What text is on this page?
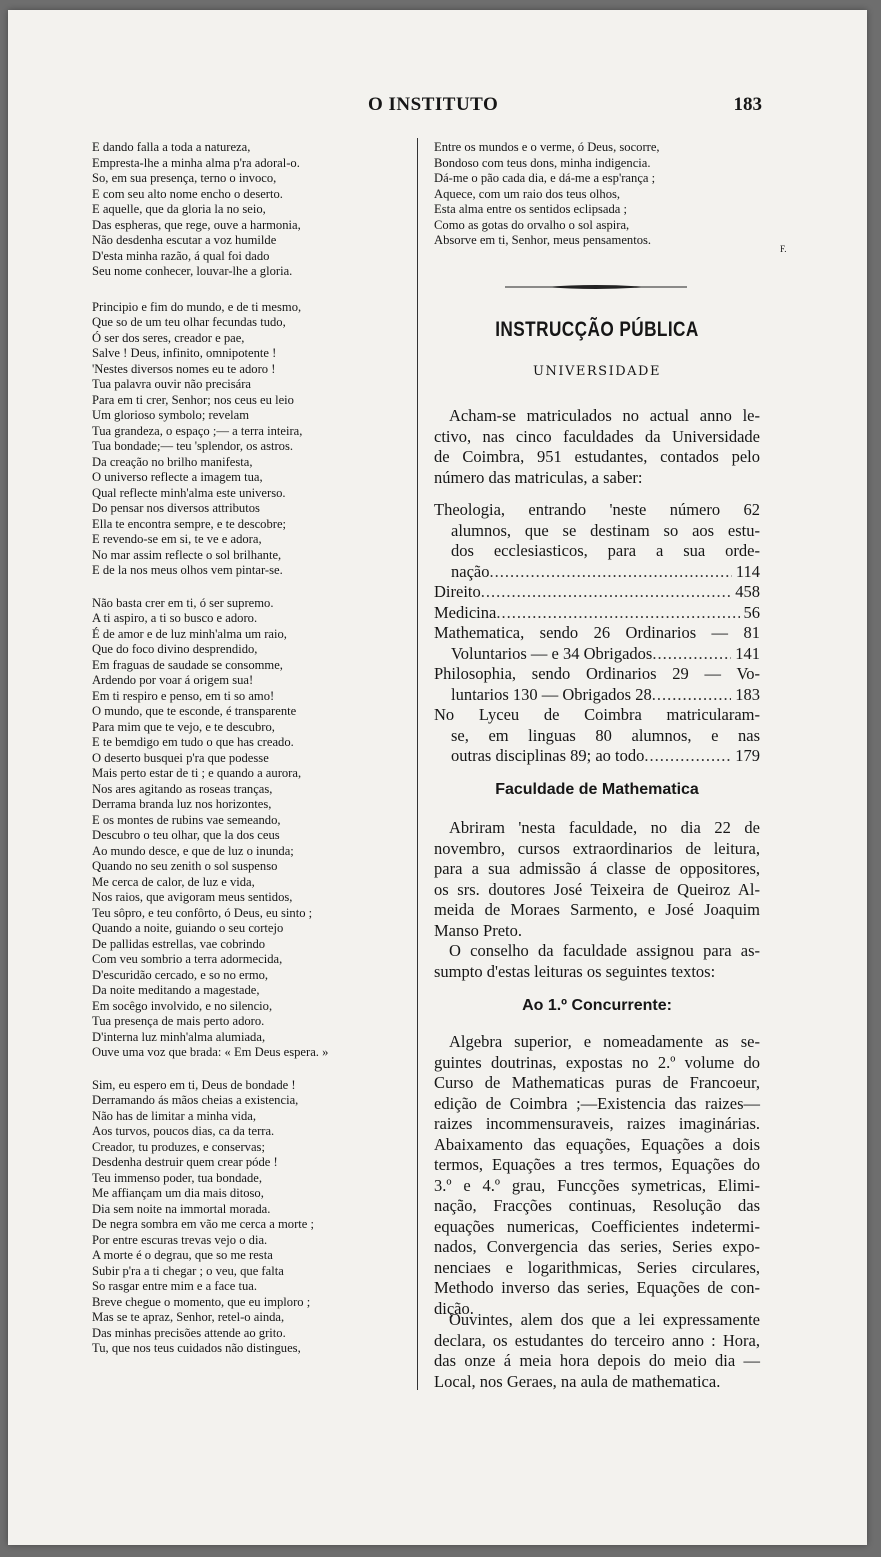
O INSTITUTO	183
E dando falla a toda a natureza,
Empresta-lhe a minha alma p'ra adoral-o.
So, em sua presença, terno o invoco,
E com seu alto nome encho o deserto.
E aquelle, que da gloria la no seio,
Das espheras, que rege, ouve a harmonia,
Não desdenha escutar a voz humilde
D'esta minha razão, á qual foi dado
Seu nome conhecer, louvar-lhe a gloria.
Principio e fim do mundo, e de ti mesmo,
Que so de um teu olhar fecundas tudo,
Ó ser dos seres, creador e pae,
Salve ! Deus, infinito, omnipotente !
'Nestes diversos nomes eu te adoro !
Tua palavra ouvir não precisára
Para em ti crer, Senhor; nos ceus eu leio
Um glorioso symbolo; revelam
Tua grandeza, o espaço ;— a terra inteira,
Tua bondade;— teu 'splendor, os astros.
Da creação no brilho manifesta,
O universo reflecte a imagem tua,
Qual reflecte minh'alma este universo.
Do pensar nos diversos attributos
Ella te encontra sempre, e te descobre;
E revendo-se em si, te ve e adora,
No mar assim reflecte o sol brilhante,
E de la nos meus olhos vem pintar-se.
Não basta crer em ti, ó ser supremo.
A ti aspiro, a ti so busco e adoro.
É de amor e de luz minh'alma um raio,
Que do foco divino desprendido,
Em fraguas de saudade se consomme,
Ardendo por voar á origem sua!
Em ti respiro e penso, em ti so amo!
O mundo, que te esconde, é transparente
Para mim que te vejo, e te descubro,
E te bemdigo em tudo o que has creado.
O deserto busquei p'ra que podesse
Mais perto estar de ti ; e quando a aurora,
Nos ares agitando as roseas tranças,
Derrama branda luz nos horizontes,
E os montes de rubins vae semeando,
Descubro o teu olhar, que la dos ceus
Ao mundo desce, e que de luz o inunda;
Quando no seu zenith o sol suspenso
Me cerca de calor, de luz e vida,
Nos raios, que avigoram meus sentidos,
Teu sôpro, e teu confôrto, ó Deus, eu sinto ;
Quando a noite, guiando o seu cortejo
De pallidas estrellas, vae cobrindo
Com veu sombrio a terra adormecida,
D'escuridão cercado, e so no ermo,
Da noite meditando a magestade,
Em socêgo involvido, e no silencio,
Tua presença de mais perto adoro.
D'interna luz minh'alma alumiada,
Ouve uma voz que brada: « Em Deus espera. »
Sim, eu espero em ti, Deus de bondade !
Derramando ás mãos cheias a existencia,
Não has de limitar a minha vida,
Aos turvos, poucos dias, ca da terra.
Creador, tu produzes, e conservas;
Desdenha destruir quem crear póde !
Teu immenso poder, tua bondade,
Me affiançam um dia mais ditoso,
Dia sem noite na immortal morada.
De negra sombra em vão me cerca a morte ;
Por entre escuras trevas vejo o dia.
A morte é o degrau, que so me resta
Subir p'ra a ti chegar ; o veu, que falta
So rasgar entre mim e a face tua.
Breve chegue o momento, que eu imploro ;
Mas se te apraz, Senhor, retel-o ainda,
Das minhas precisões attende ao grito.
Tu, que nos teus cuidados não distingues,
Entre os mundos e o verme, ó Deus, socorre,
Bondoso com teus dons, minha indigencia.
Dá-me o pão cada dia, e dá-me a esp'rança ;
Aquece, com um raio dos teus olhos,
Esta alma entre os sentidos eclipsada ;
Como as gotas do orvalho o sol aspira,
Absorve em ti, Senhor, meus pensamentos.
F.
INSTRUCÇÃO PÚBLICA
UNIVERSIDADE
Acham-se matriculados no actual anno le-
ctivo, nas cinco faculdades da Universidade
de Coimbra, 951 estudantes, contados pelo
número das matriculas, a saber:
Theologia, entrando 'neste número 62
alumnos, que se destinam so aos estu-
dos ecclesiasticos, para a sua orde-
nação .....	114
Direito .....	458
Medicina .....	56
Mathematica, sendo 26 Ordinarios — 81
Voluntarios — e 34 Obrigados .....	141
Philosophia, sendo Ordinarios 29 — Vo-
luntarios 130 — Obrigados 28 .....	183
No Lyceu de Coimbra matricularam-
se, em linguas 80 alumnos, e nas
outras disciplinas 89; ao todo .....	179
Faculdade de Mathematica
Abriram 'nesta faculdade, no dia 22 de
novembro, cursos extraordinarios de leitura,
para a sua admissão á classe de oppositores,
os srs. doutores José Teixeira de Queiroz Al-
meida de Moraes Sarmento, e José Joaquim
Manso Preto.
O conselho da faculdade assignou para as-
sumpto d'estas leituras os seguintes textos:
Ao 1.º Concurrente:
Algebra superior, e nomeadamente as se-
guintes doutrinas, expostas no 2.º volume do
Curso de Mathematicas puras de Francoeur,
edição de Coimbra ;—Existencia das raizes—
raizes incommensuraveis, raizes imaginárias.
Abaixamento das equações, Equações a dois
termos, Equações a tres termos, Equações do
3.º e 4.º grau, Funcções symetricas, Elimi-
nação, Fracções continuas, Resolução das
equações numericas, Coefficientes indetermi-
nados, Convergencia das series, Series expo-
nenciaes e logarithmicas, Series circulares,
Methodo inverso das series, Equações de con-
dição.
Ouvintes, alem dos que a lei expressamente
declara, os estudantes do terceiro anno : Hora,
das onze á meia hora depois do meio dia —
Local, nos Geraes, na aula de mathematica.
